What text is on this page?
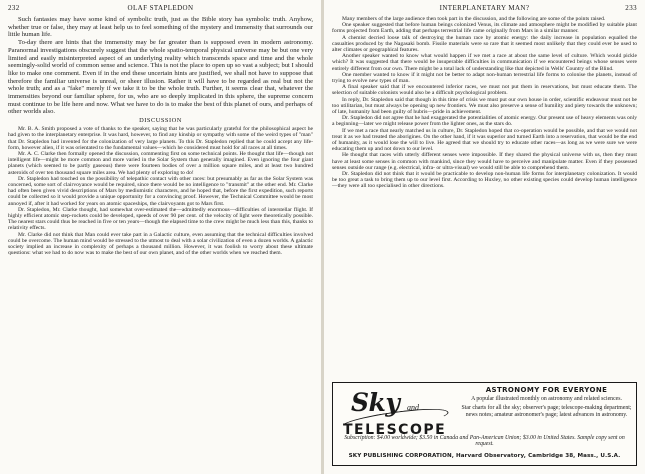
232	OLAF STAPLEDON

Such fantasies may have some kind of symbolic truth, just as the Bible story has symbolic truth. Anyhow, whether true or false, they may at least help us to feel something of the mystery and immensity that surrounds our little human life.

To-day there are hints that the immensity may be far greater than is supposed even in modern astronomy. Paranormal investigations obscurely suggest that the whole spatio-temporal physical universe may be but one very limited and easily misinterpreted aspect of an underlying reality which transcends space and time and the whole seemingly-solid world of common sense and science. This is not the place to open up so vast a subject; but I should like to make one comment. Even if in the end these uncertain hints are justified, we shall not have to suppose that therefore the familiar universe is unreal, or sheer illusion. Rather it will have to be regarded as real but not the whole truth; and as a "fake" merely if we take it to be the whole truth. Further, it seems clear that, whatever the immensities beyond our familiar sphere, for us, who are so deeply implicated in this sphere, the supreme concern must continue to be life here and now. What we have to do is to make the best of this planet of ours, and perhaps of other worlds also.

DISCUSSION

Mr. B. A. Smith proposed a vote of thanks to the speaker, saying that he was particularly grateful for the philosophical aspect he had given to the interplanetary enterprise. It was hard, however, to find any kinship or sympathy with some of the weird types of "man" that Dr. Stapledon had invented for the colonization of very large planets. To this Dr. Stapledon replied that he could accept any life-form, however alien, if it was orientated to the fundamental values—which he considered must hold for all races at all times.

Mr. A. C. Clarke then formally opened the discussion, commenting first on some technical points. He thought that life—though not intelligent life—might be more common and more varied in the Solar System than generally imagined. Even ignoring the four giant planets (which seemed to be partly gaseous) there were fourteen bodies of over a million square miles, and at least two hundred asteroids of over ten thousand square miles area. We had plenty of exploring to do!

Dr. Stapledon had touched on the possibility of telepathic contact with other races: but presumably as far as the Solar System was concerned, some sort of clairvoyance would be required, since there would be no intelligence to "transmit" at the other end. Mr. Clarke had often been given vivid descriptions of Mars by mediumistic characters, and he hoped that, before the first expedition, such reports could be collected so it would provide a unique opportunity for a convincing proof. However, the Technical Committee would be most annoyed if, after it had worked for years on atomic spaceships, the clairvoyants got to Mars first.

Dr. Stapledon, Mr. Clarke thought, had somewhat over-estimated the—admittedly enormous—difficulties of interstellar flight. If highly efficient atomic step-rockets could be developed, speeds of over 90 per cent. of the velocity of light were theoretically possible. The nearest stars could thus be reached in five or ten years—though the elapsed time to the crew might be much less than this, thanks to relativity effects.

Mr. Clarke did not think that Man could ever take part in a Galactic culture, even assuming that the technical difficulties involved could be overcome. The human mind would be stressed to the utmost to deal with a solar civilization of even a dozen worlds. A galactic society implied an increase in complexity of perhaps a thousand million. However, it was foolish to worry about these ultimate questions: what we had to do now was to make the best of our own planet, and of the other worlds when we reached them.

INTERPLANETARY MAN?	233

Many members of the large audience then took part in the discussion, and the following are some of the points raised.

One speaker suggested that before human beings colonized Venus, its climate and atmosphere might be modified by suitable plant forms projected from Earth, adding that perhaps terrestrial life came originally from Mars in a similar manner.

A chemist decried loose talk of destroying the human race by atomic energy: the daily increase in population equalled the casualties produced by the Nagasaki bomb. Fissile materials were so rare that it seemed most unlikely that they could ever be used to alter climates or geographical features.

Another speaker wanted to know what would happen if we met a race at about the same level of culture. Which would pickle which? It was suggested that there would be insuperable difficulties in communication if we encountered beings whose senses were entirely different from our own. There might be a total lack of understanding like that depicted in Wells' Country of the Blind.

One member wanted to know if it might not be better to adapt non-human terrestrial life forms to colonise the planets, instead of trying to evolve new types of man.

A final speaker said that if we encountered inferior races, we must not put them in reservations, but must educate them. The selection of suitable colonists would also be a difficult psychological problem.

In reply, Dr. Stapledon said that though in this time of crisis we must put our own house in order, scientific endeavour must not be too utilitarian, but must always be opening up new frontiers. We must also preserve a sense of humility and piety towards the unknown; of late, humanity had been guilty of hubris—pride in achievement.

Dr. Stapledon did not agree that he had exaggerated the potentialities of atomic energy. Our present use of heavy elements was only a beginning—later we might release power from the lighter ones, as the stars do.

If we met a race that nearly matched us in culture, Dr. Stapledon hoped that co-operation would be possible, and that we would not treat it as we had treated the aborigines. On the other hand, if it was superior and turned Earth into a reservation, that would be the end of humanity, as it would lose the will to live. He agreed that we should try to educate other races—as long as we were sure we were educating them up and not down to our level.

He thought that races with utterly different senses were impossible. If they shared the physical universe with us, then they must have at least some senses in common with mankind, since they would have to perceive and manipulate matter. Even if they possessed senses outside our range (e.g. electrical, infra- or ultra-visual) we would still be able to comprehend them.

Dr. Stapledon did not think that it would be practicable to develop non-human life forms for interplanetary colonization. It would be too great a task to bring them up to our level first. According to Huxley, no other existing species could develop human intelligence—they were all too specialised in other directions.

Sky and
TELESCOPE
ASTRONOMY FOR EVERYONE
A popular illustrated monthly on astronomy and related sciences.
Star charts for all the sky; observer's page; telescope-making department; news notes; amateur astronomer's page; latest advances in astronomy.
Subscription: $4.00 worldwide; $3.50 in Canada and Pan-American Union; $3.00 in United States. Sample copy sent on request.
SKY PUBLISHING CORPORATION, Harvard Observatory, Cambridge 38, Mass., U.S.A.
